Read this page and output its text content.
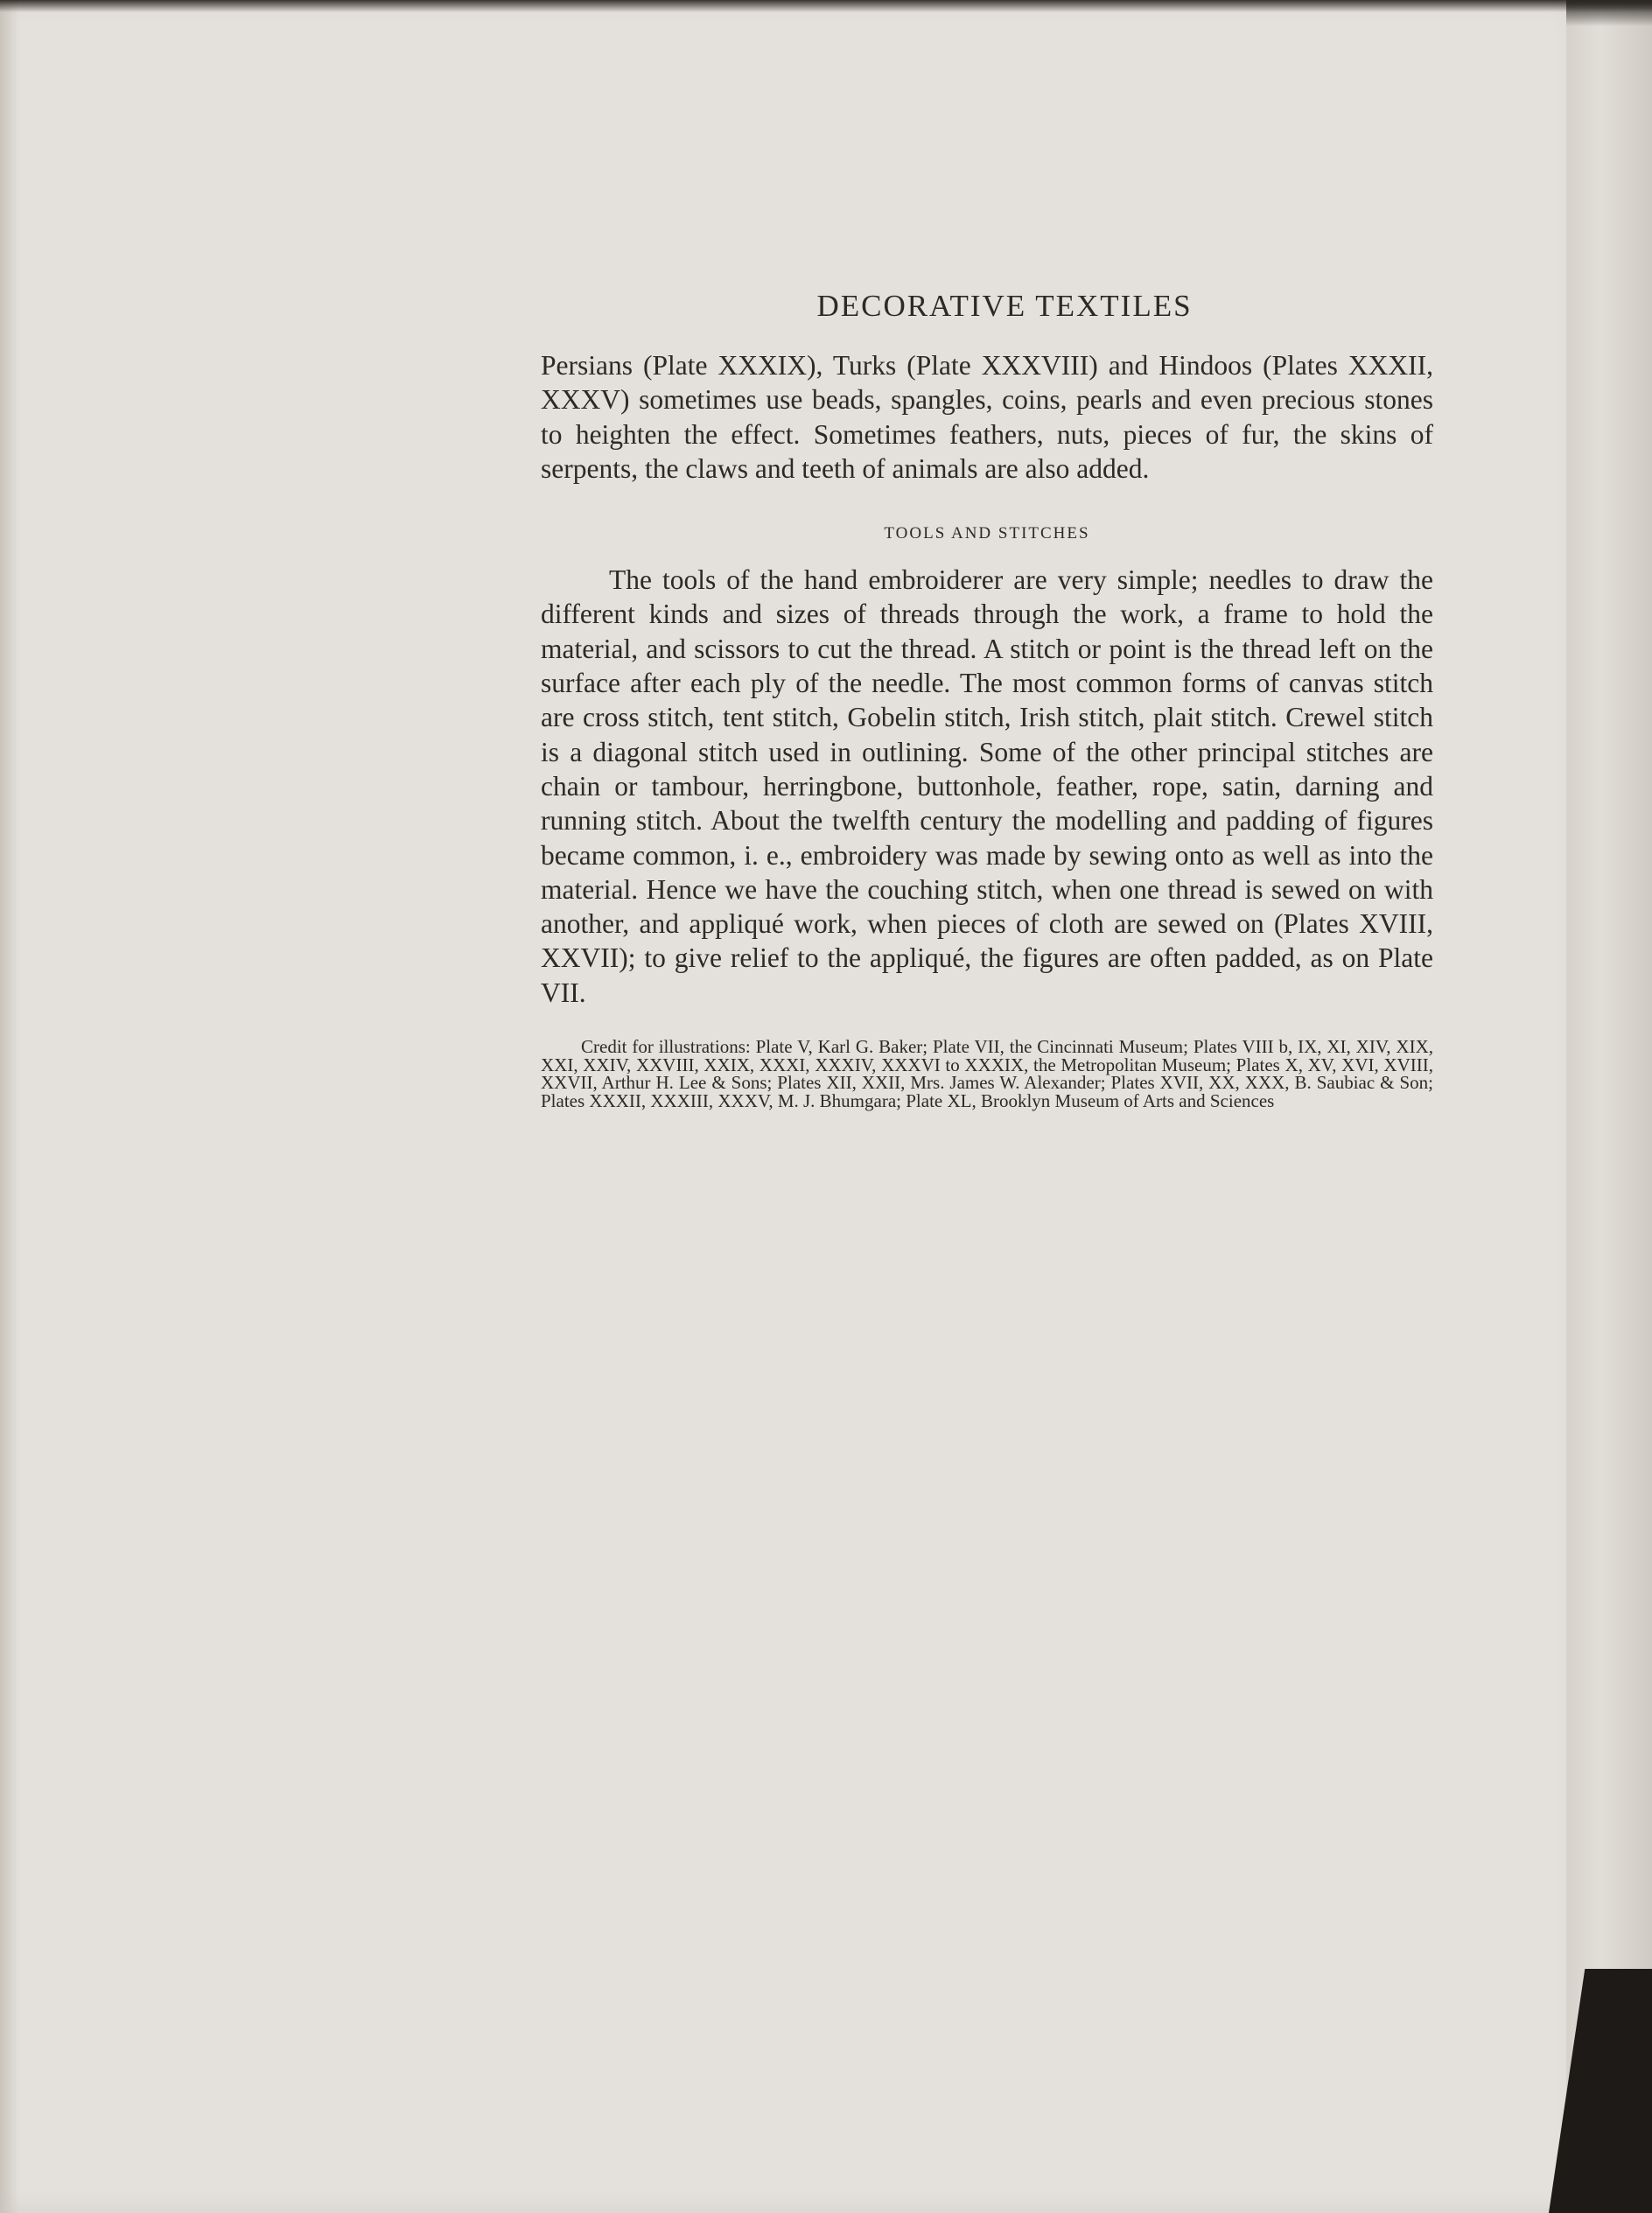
DECORATIVE TEXTILES

Persians (Plate XXXIX), Turks (Plate XXXVIII) and Hindoos (Plates XXXII, XXXV) sometimes use beads, spangles, coins, pearls and even precious stones to heighten the effect. Sometimes feathers, nuts, pieces of fur, the skins of serpents, the claws and teeth of animals are also added.

TOOLS AND STITCHES

The tools of the hand embroiderer are very simple; needles to draw the different kinds and sizes of threads through the work, a frame to hold the material, and scissors to cut the thread. A stitch or point is the thread left on the surface after each ply of the needle. The most common forms of canvas stitch are cross stitch, tent stitch, Gobelin stitch, Irish stitch, plait stitch. Crewel stitch is a diagonal stitch used in outlining. Some of the other principal stitches are chain or tambour, herringbone, buttonhole, feather, rope, satin, darning and running stitch. About the twelfth century the modelling and padding of figures became common, i. e., embroidery was made by sewing onto as well as into the material. Hence we have the couching stitch, when one thread is sewed on with another, and appliqué work, when pieces of cloth are sewed on (Plates XVIII, XXVII); to give relief to the appliqué, the figures are often padded, as on Plate VII.

Credit for illustrations: Plate V, Karl G. Baker; Plate VII, the Cincinnati Museum; Plates VIII b, IX, XI, XIV, XIX, XXI, XXIV, XXVIII, XXIX, XXXI, XXXIV, XXXVI to XXXIX, the Metropolitan Museum; Plates X, XV, XVI, XVIII, XXVII, Arthur H. Lee & Sons; Plates XII, XXII, Mrs. James W. Alexander; Plates XVII, XX, XXX, B. Saubiac & Son; Plates XXXII, XXXIII, XXXV, M. J. Bhumgara; Plate XL, Brooklyn Museum of Arts and Sciences
